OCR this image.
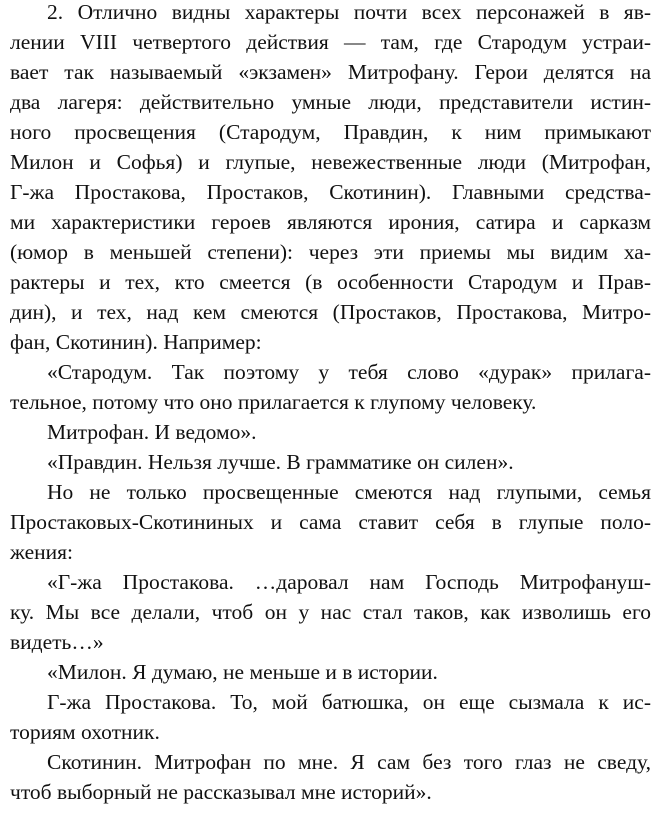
2. Отлично видны характеры почти всех персонажей в яв-
лении VIII четвертого действия — там, где Стародум устраи-
вает так называемый «экзамен» Митрофану. Герои делятся на
два лагеря: действительно умные люди, представители истин-
ного просвещения (Стародум, Правдин, к ним примыкают
Милон и Софья) и глупые, невежественные люди (Митрофан,
Г-жа Простакова, Простаков, Скотинин). Главными средства-
ми характеристики героев являются ирония, сатира и сарказм
(юмор в меньшей степени): через эти приемы мы видим ха-
рактеры и тех, кто смеется (в особенности Стародум и Прав-
дин), и тех, над кем смеются (Простаков, Простакова, Митро-
фан, Скотинин). Например:
«Стародум. Так поэтому у тебя слово «дурак» прилага-
тельное, потому что оно прилагается к глупому человеку.
Митрофан. И ведомо».
«Правдин. Нельзя лучше. В грамматике он силен».
Но не только просвещенные смеются над глупыми, семья
Простаковых-Скотининых и сама ставит себя в глупые поло-
жения:
«Г-жа Простакова. …даровал нам Господь Митрофануш-
ку. Мы все делали, чтоб он у нас стал таков, как изволишь его
видеть…»
«Милон. Я думаю, не меньше и в истории.
Г-жа Простакова. То, мой батюшка, он еще сызмала к ис-
ториям охотник.
Скотинин. Митрофан по мне. Я сам без того глаз не сведу,
чтоб выборный не рассказывал мне историй».
